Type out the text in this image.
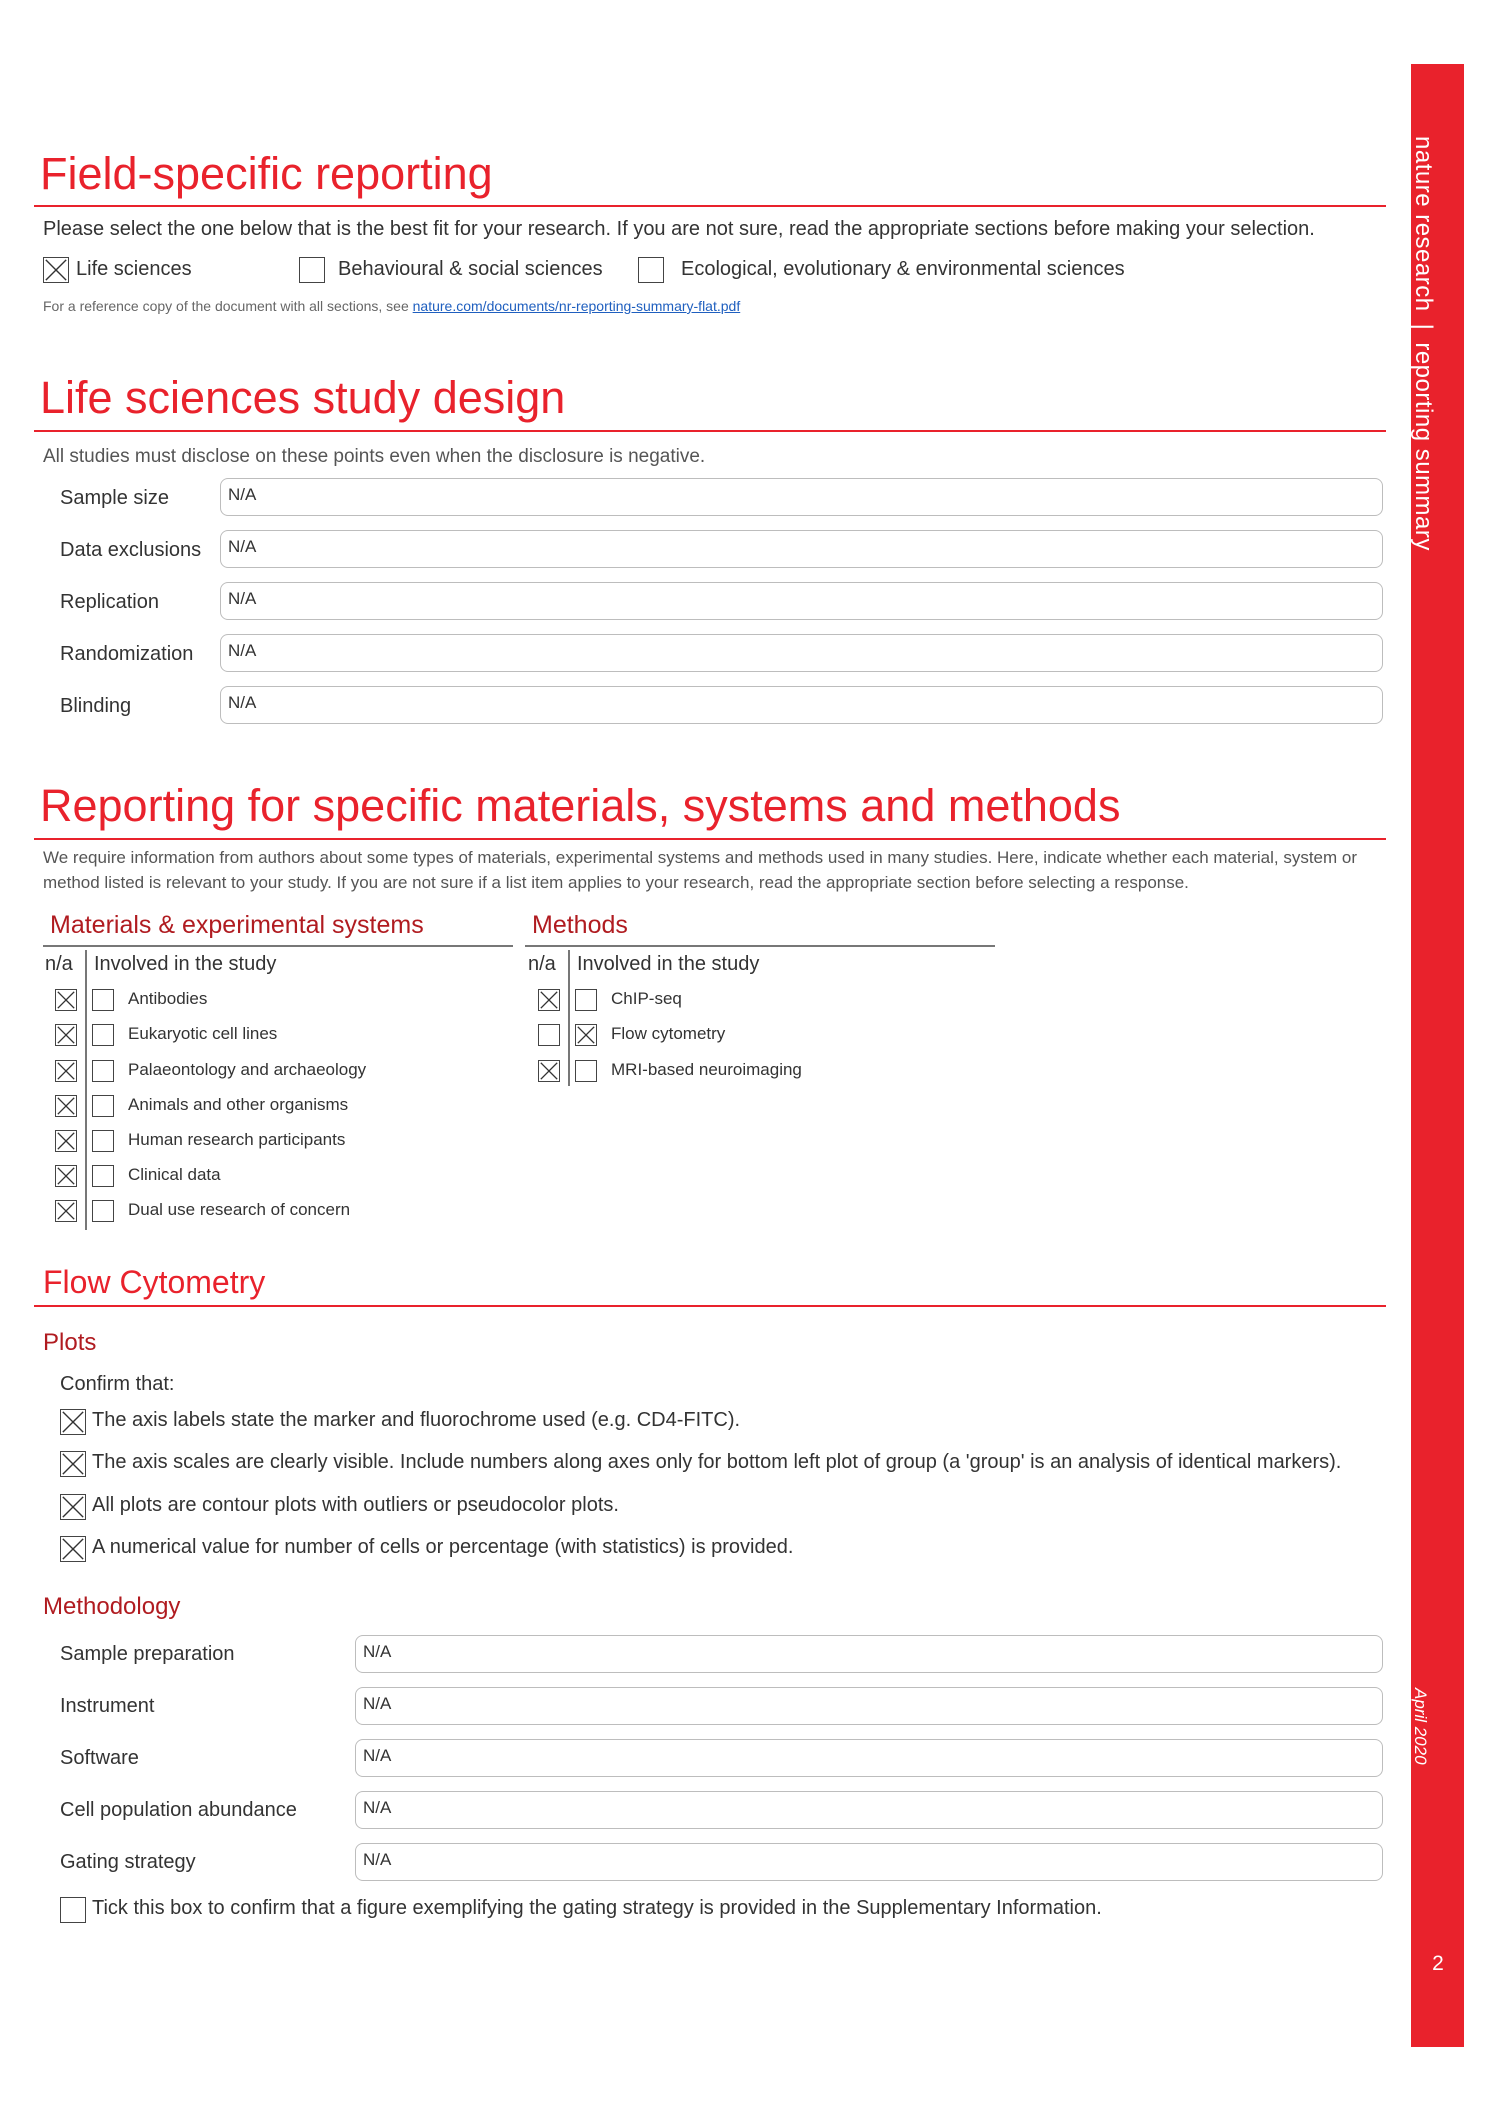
nature research|reporting summary
April 2020
2
Field-specific reporting
Please select the one below that is the best fit for your research. If you are not sure, read the appropriate sections before making your selection.
Life sciences	Behavioural & social sciences	Ecological, evolutionary & environmental sciences
For a reference copy of the document with all sections, see nature.com/documents/nr-reporting-summary-flat.pdf
Life sciences study design
All studies must disclose on these points even when the disclosure is negative.
Sample size	N/A
Data exclusions	N/A
Replication	N/A
Randomization	N/A
Blinding	N/A
Reporting for specific materials, systems and methods
We require information from authors about some types of materials, experimental systems and methods used in many studies. Here, indicate whether each material, system or method listed is relevant to your study. If you are not sure if a list item applies to your research, read the appropriate section before selecting a response.
Materials & experimental systems
n/a Involved in the study
Antibodies
Eukaryotic cell lines
Palaeontology and archaeology
Animals and other organisms
Human research participants
Clinical data
Dual use research of concern
Methods
n/a Involved in the study
ChIP-seq
Flow cytometry
MRI-based neuroimaging
Flow Cytometry
Plots
Confirm that:
The axis labels state the marker and fluorochrome used (e.g. CD4-FITC).
The axis scales are clearly visible. Include numbers along axes only for bottom left plot of group (a 'group' is an analysis of identical markers).
All plots are contour plots with outliers or pseudocolor plots.
A numerical value for number of cells or percentage (with statistics) is provided.
Methodology
Sample preparation	N/A
Instrument	N/A
Software	N/A
Cell population abundance	N/A
Gating strategy	N/A
Tick this box to confirm that a figure exemplifying the gating strategy is provided in the Supplementary Information.
